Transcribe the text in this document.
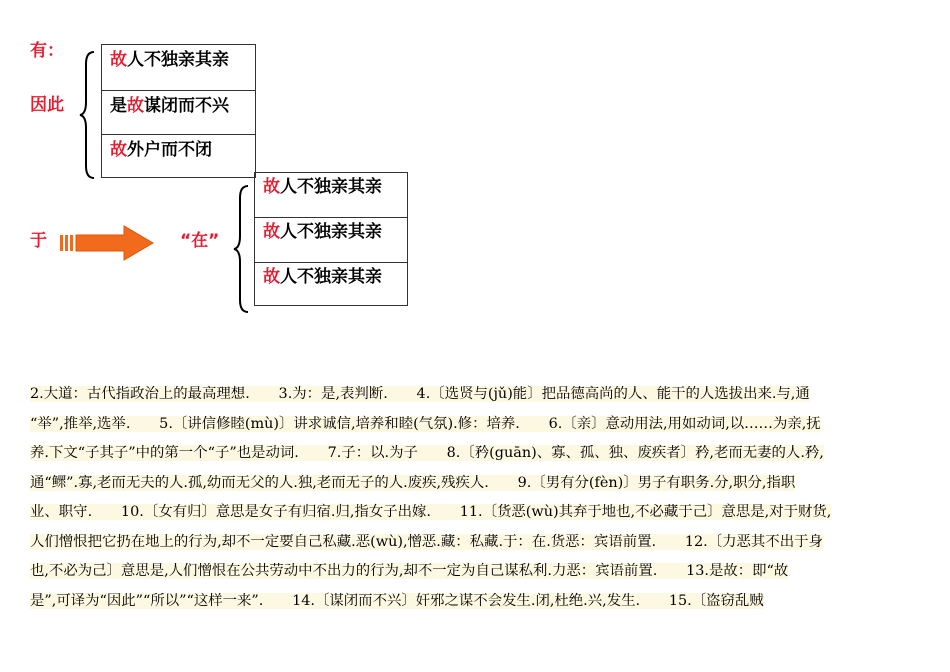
有：
因此
于	“在”
故人不独亲其亲
是故谋闭而不兴
故外户而不闭
故人不独亲其亲
故人不独亲其亲
故人不独亲其亲
2.大道：古代指政治上的最高理想.　　3.为：是,表判断.　　4.〔选贤与(jǔ)能〕把品德高尚的人、能干的人选拔出来.与,通
“举”,推举,选举.　　5.〔讲信修睦(mù)〕讲求诚信,培养和睦(气氛).修：培养.　　6.〔亲〕意动用法,用如动词,以……为亲,抚
养.下文“子其子”中的第一个“子”也是动词.　　7.子：以.为子　　8.〔矜(guān)、寡、孤、独、废疾者〕矜,老而无妻的人.矜,
通“鳏”.寡,老而无夫的人.孤,幼而无父的人.独,老而无子的人.废疾,残疾人.　　9.〔男有分(fèn)〕男子有职务.分,职分,指职
业、职守.　　10.〔女有归〕意思是女子有归宿.归,指女子出嫁.　　11.〔货恶(wù)其弃于地也,不必藏于己〕意思是,对于财货,
人们憎恨把它扔在地上的行为,却不一定要自己私藏.恶(wù),憎恶.藏：私藏.于：在.货恶：宾语前置.　　12.〔力恶其不出于身
也,不必为己〕意思是,人们憎恨在公共劳动中不出力的行为,却不一定为自己谋私利.力恶：宾语前置.　　13.是故：即“故
是”,可译为“因此”“所以”“这样一来”.　　14.〔谋闭而不兴〕奸邪之谋不会发生.闭,杜绝.兴,发生.　　15.〔盗窃乱贼
